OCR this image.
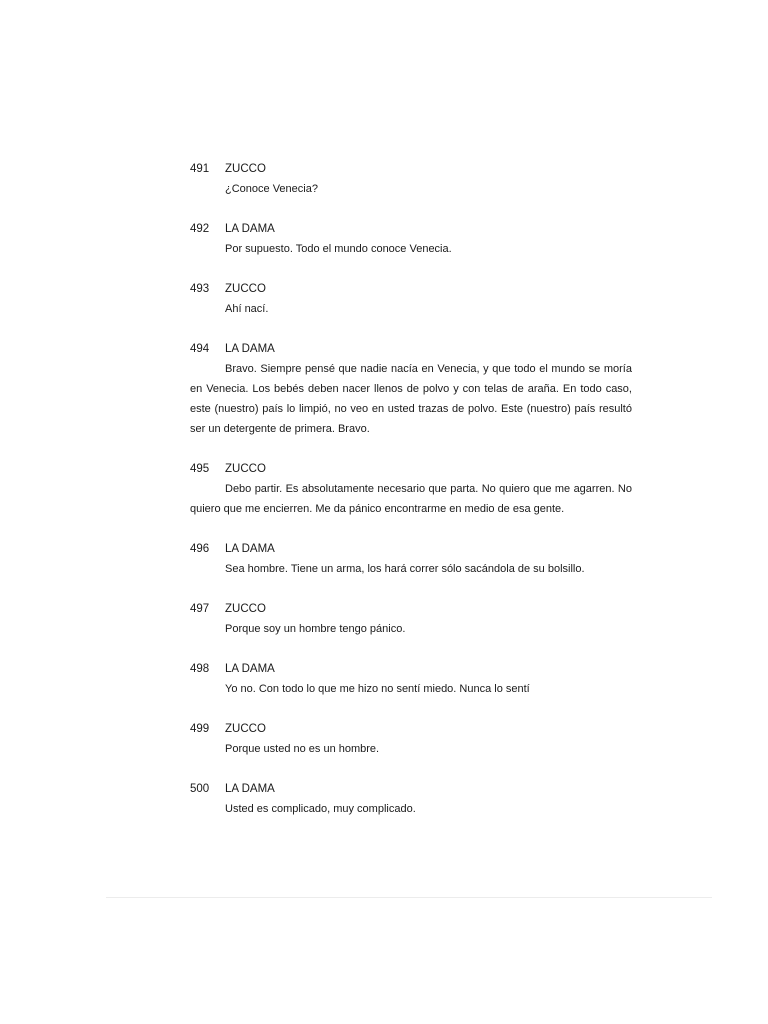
491 ZUCCO

¿Conoce Venecia?

492 LA DAMA

Por supuesto. Todo el mundo conoce Venecia.

493 ZUCCO

Ahí nací.

494 LA DAMA

Bravo. Siempre pensé que nadie nacía en Venecia, y que todo el mundo se moría en Venecia. Los bebés deben nacer llenos de polvo y con telas de araña. En todo caso, este (nuestro) país lo limpió, no veo en usted trazas de polvo. Este (nuestro) país resultó ser un detergente de primera. Bravo.

495 ZUCCO

Debo partir. Es absolutamente necesario que parta. No quiero que me agarren. No quiero que me encierren. Me da pánico encontrarme en medio de esa gente.

496 LA DAMA

Sea hombre. Tiene un arma, los hará correr sólo sacándola de su bolsillo.

497 ZUCCO

Porque soy un hombre tengo pánico.

498 LA DAMA

Yo no. Con todo lo que me hizo no sentí miedo. Nunca lo sentí

499 ZUCCO

Porque usted no es un hombre.

500 LA DAMA

Usted es complicado, muy complicado.
